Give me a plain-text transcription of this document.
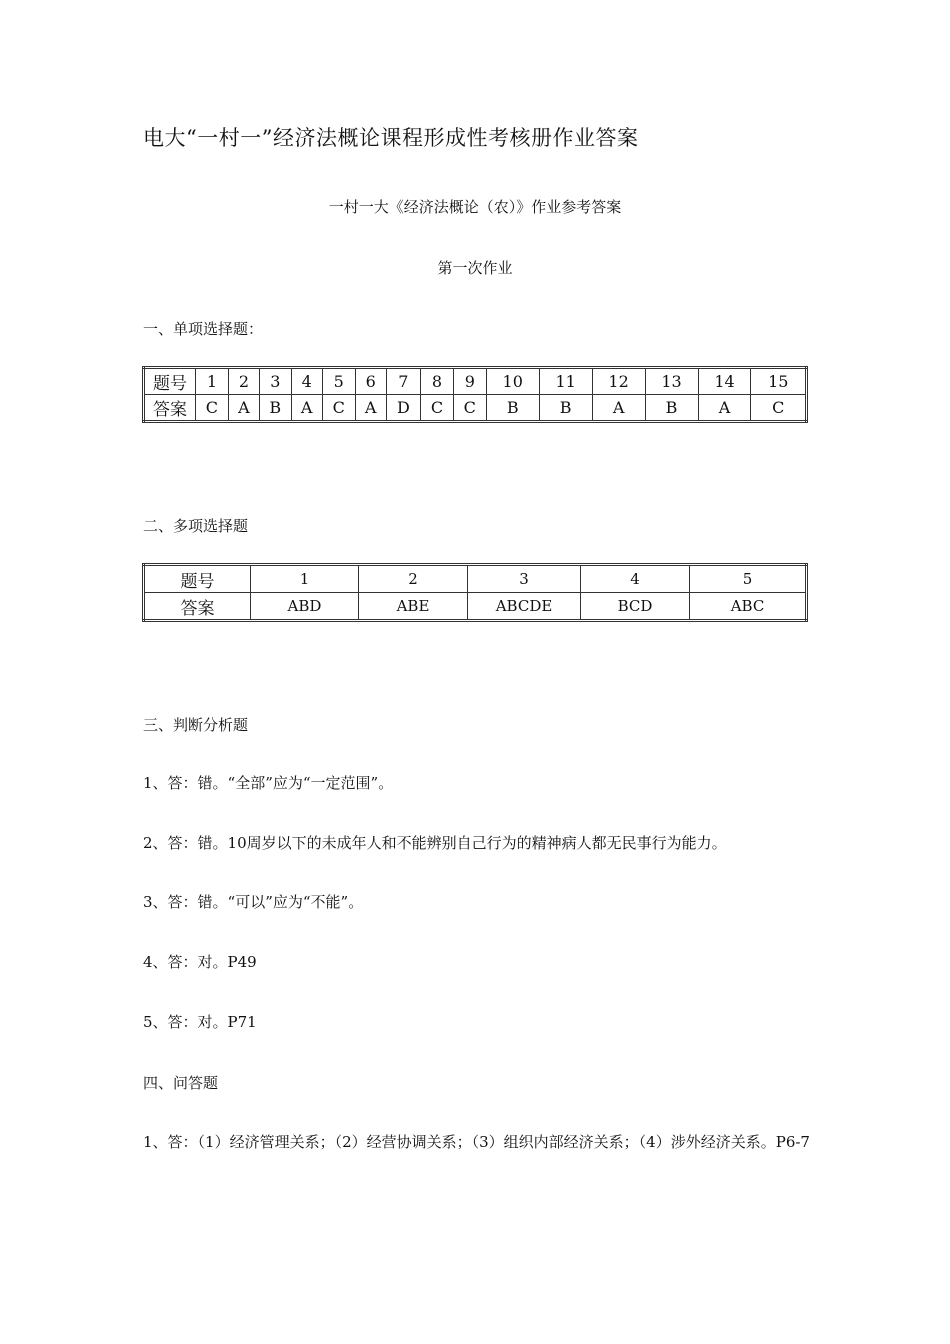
电大“一村一”经济法概论课程形成性考核册作业答案
一村一大《经济法概论（农）》作业参考答案
第一次作业
一、单项选择题：
题号	1	2	3	4	5	6	7	8	9	10	11	12	13	14	15
答案	C	A	B	A	C	A	D	C	C	B	B	A	B	A	C
二、多项选择题
题号	1	2	3	4	5
答案	ABD	ABE	ABCDE	BCD	ABC
三、判断分析题
1、答：错。“全部”应为“一定范围”。
2、答：错。10周岁以下的未成年人和不能辨别自己行为的精神病人都无民事行为能力。
3、答：错。“可以”应为“不能”。
4、答：对。P49
5、答：对。P71
四、问答题
1、答：（1）经济管理关系；（2）经营协调关系；（3）组织内部经济关系；（4）涉外经济关系。P6-7
